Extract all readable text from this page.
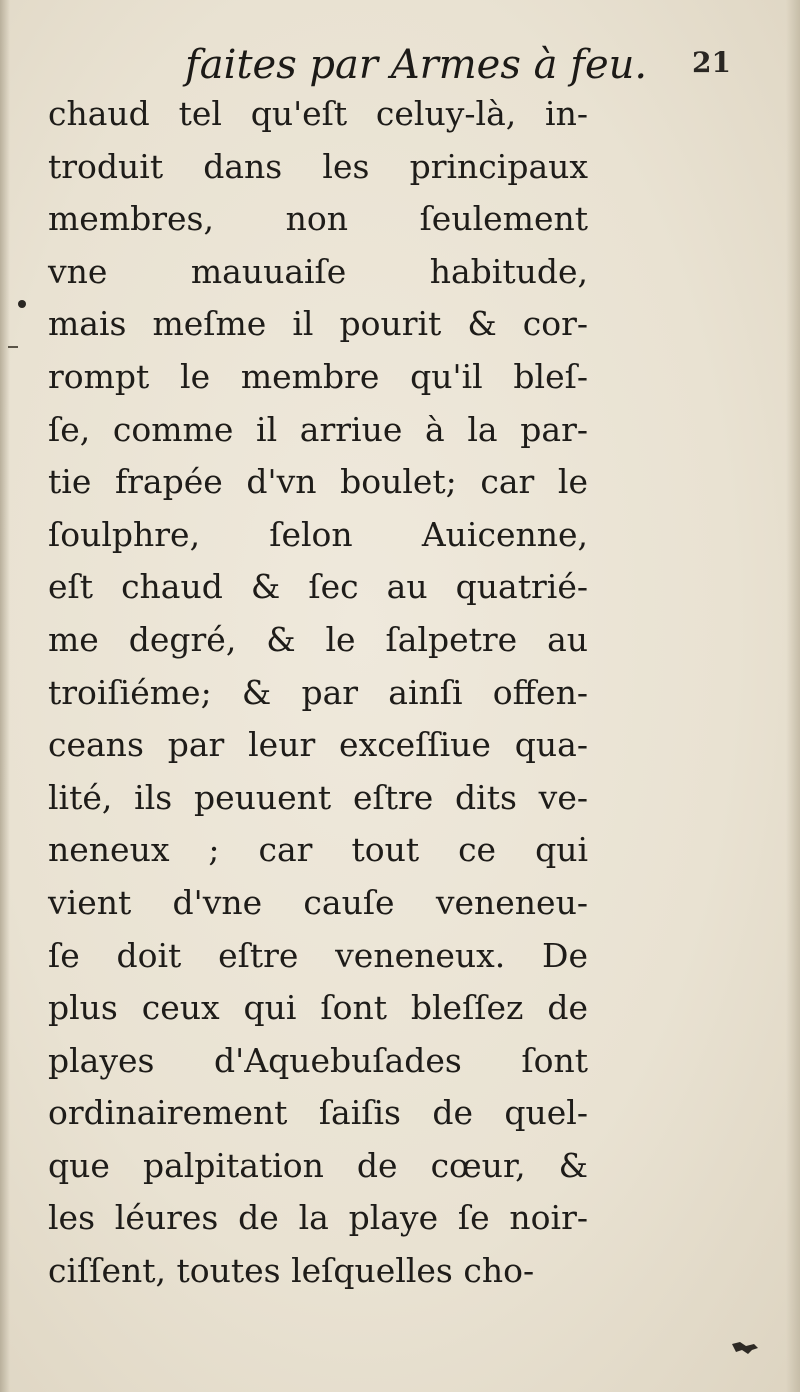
faites par Armes à feu. 21
chaud tel qu'eſt celuy-là, in-
troduit dans les principaux
membres, non ſeulement
vne mauuaiſe habitude,
mais meſme il pourit & cor-
rompt le membre qu'il bleſ-
ſe, comme il arriue à la par-
tie frapée d'vn boulet; car le
ſoulphre, ſelon Auicenne,
eſt chaud & ſec au quatrié-
me degré, & le ſalpetre au
troiſiéme; & par ainſi offen-
ceans par leur exceſſiue qua-
lité, ils peuuent eſtre dits ve-
neneux ; car tout ce qui
vient d'vne cauſe veneneu-
ſe doit eſtre veneneux. De
plus ceux qui ſont bleſſez de
playes d'Aquebuſades ſont
ordinairement ſaiſis de quel-
que palpitation de cœur, &
les léures de la playe ſe noir-
ciſſent, toutes leſquelles cho-
